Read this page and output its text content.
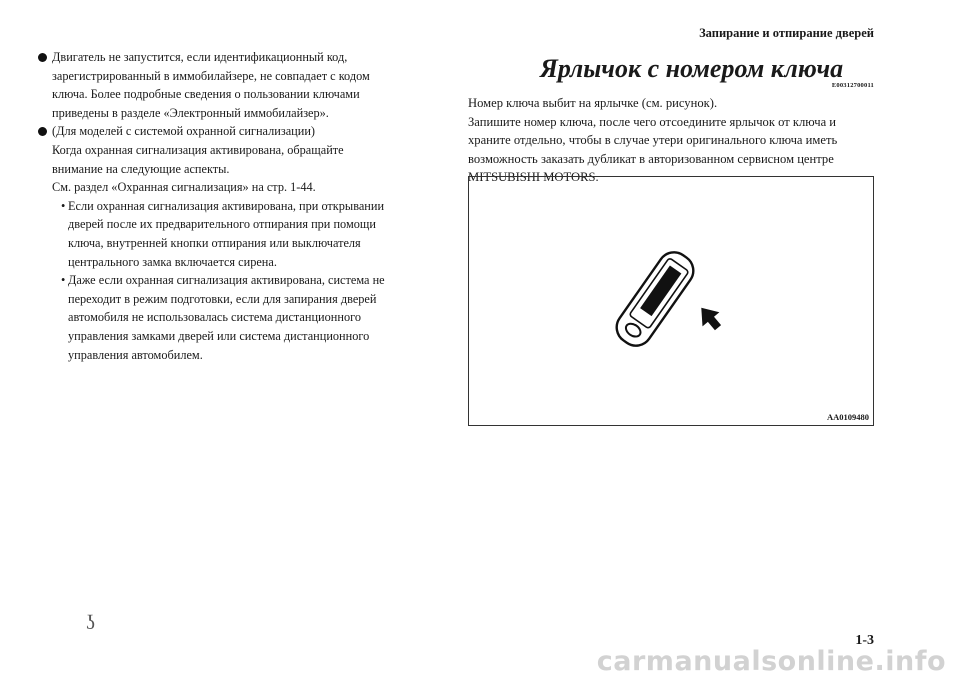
Запирание и отпирание дверей
Двигатель не запустится, если идентификационный код,
зарегистрированный в иммобилайзере, не совпадает с кодом
ключа. Более подробные сведения о пользовании ключами
приведены в разделе «Электронный иммобилайзер».
(Для моделей с системой охранной сигнализации)
Когда охранная сигнализация активирована, обращайте
внимание на следующие аспекты.
См. раздел «Охранная сигнализация» на стр. 1-44.
• Если охранная сигнализация активирована, при открывании
дверей после их предварительного отпирания при помощи
ключа, внутренней кнопки отпирания или выключателя
центрального замка включается сирена.
• Даже если охранная сигнализация активирована, система не
переходит в режим подготовки, если для запирания дверей
автомобиля не использовалась система дистанционного
управления замками дверей или система дистанционного
управления автомобилем.
Ярлычок с номером ключа
E00312700011
Номер ключа выбит на ярлычке (см. рисунок).
Запишите номер ключа, после чего отсоедините ярлычок от ключа и
храните отдельно, чтобы в случае утери оригинального ключа иметь
возможность заказать дубликат в авторизованном сервисном центре
MITSUBISHI MOTORS.
AA0109480
ʖ
1-3
carmanualsonline.info
